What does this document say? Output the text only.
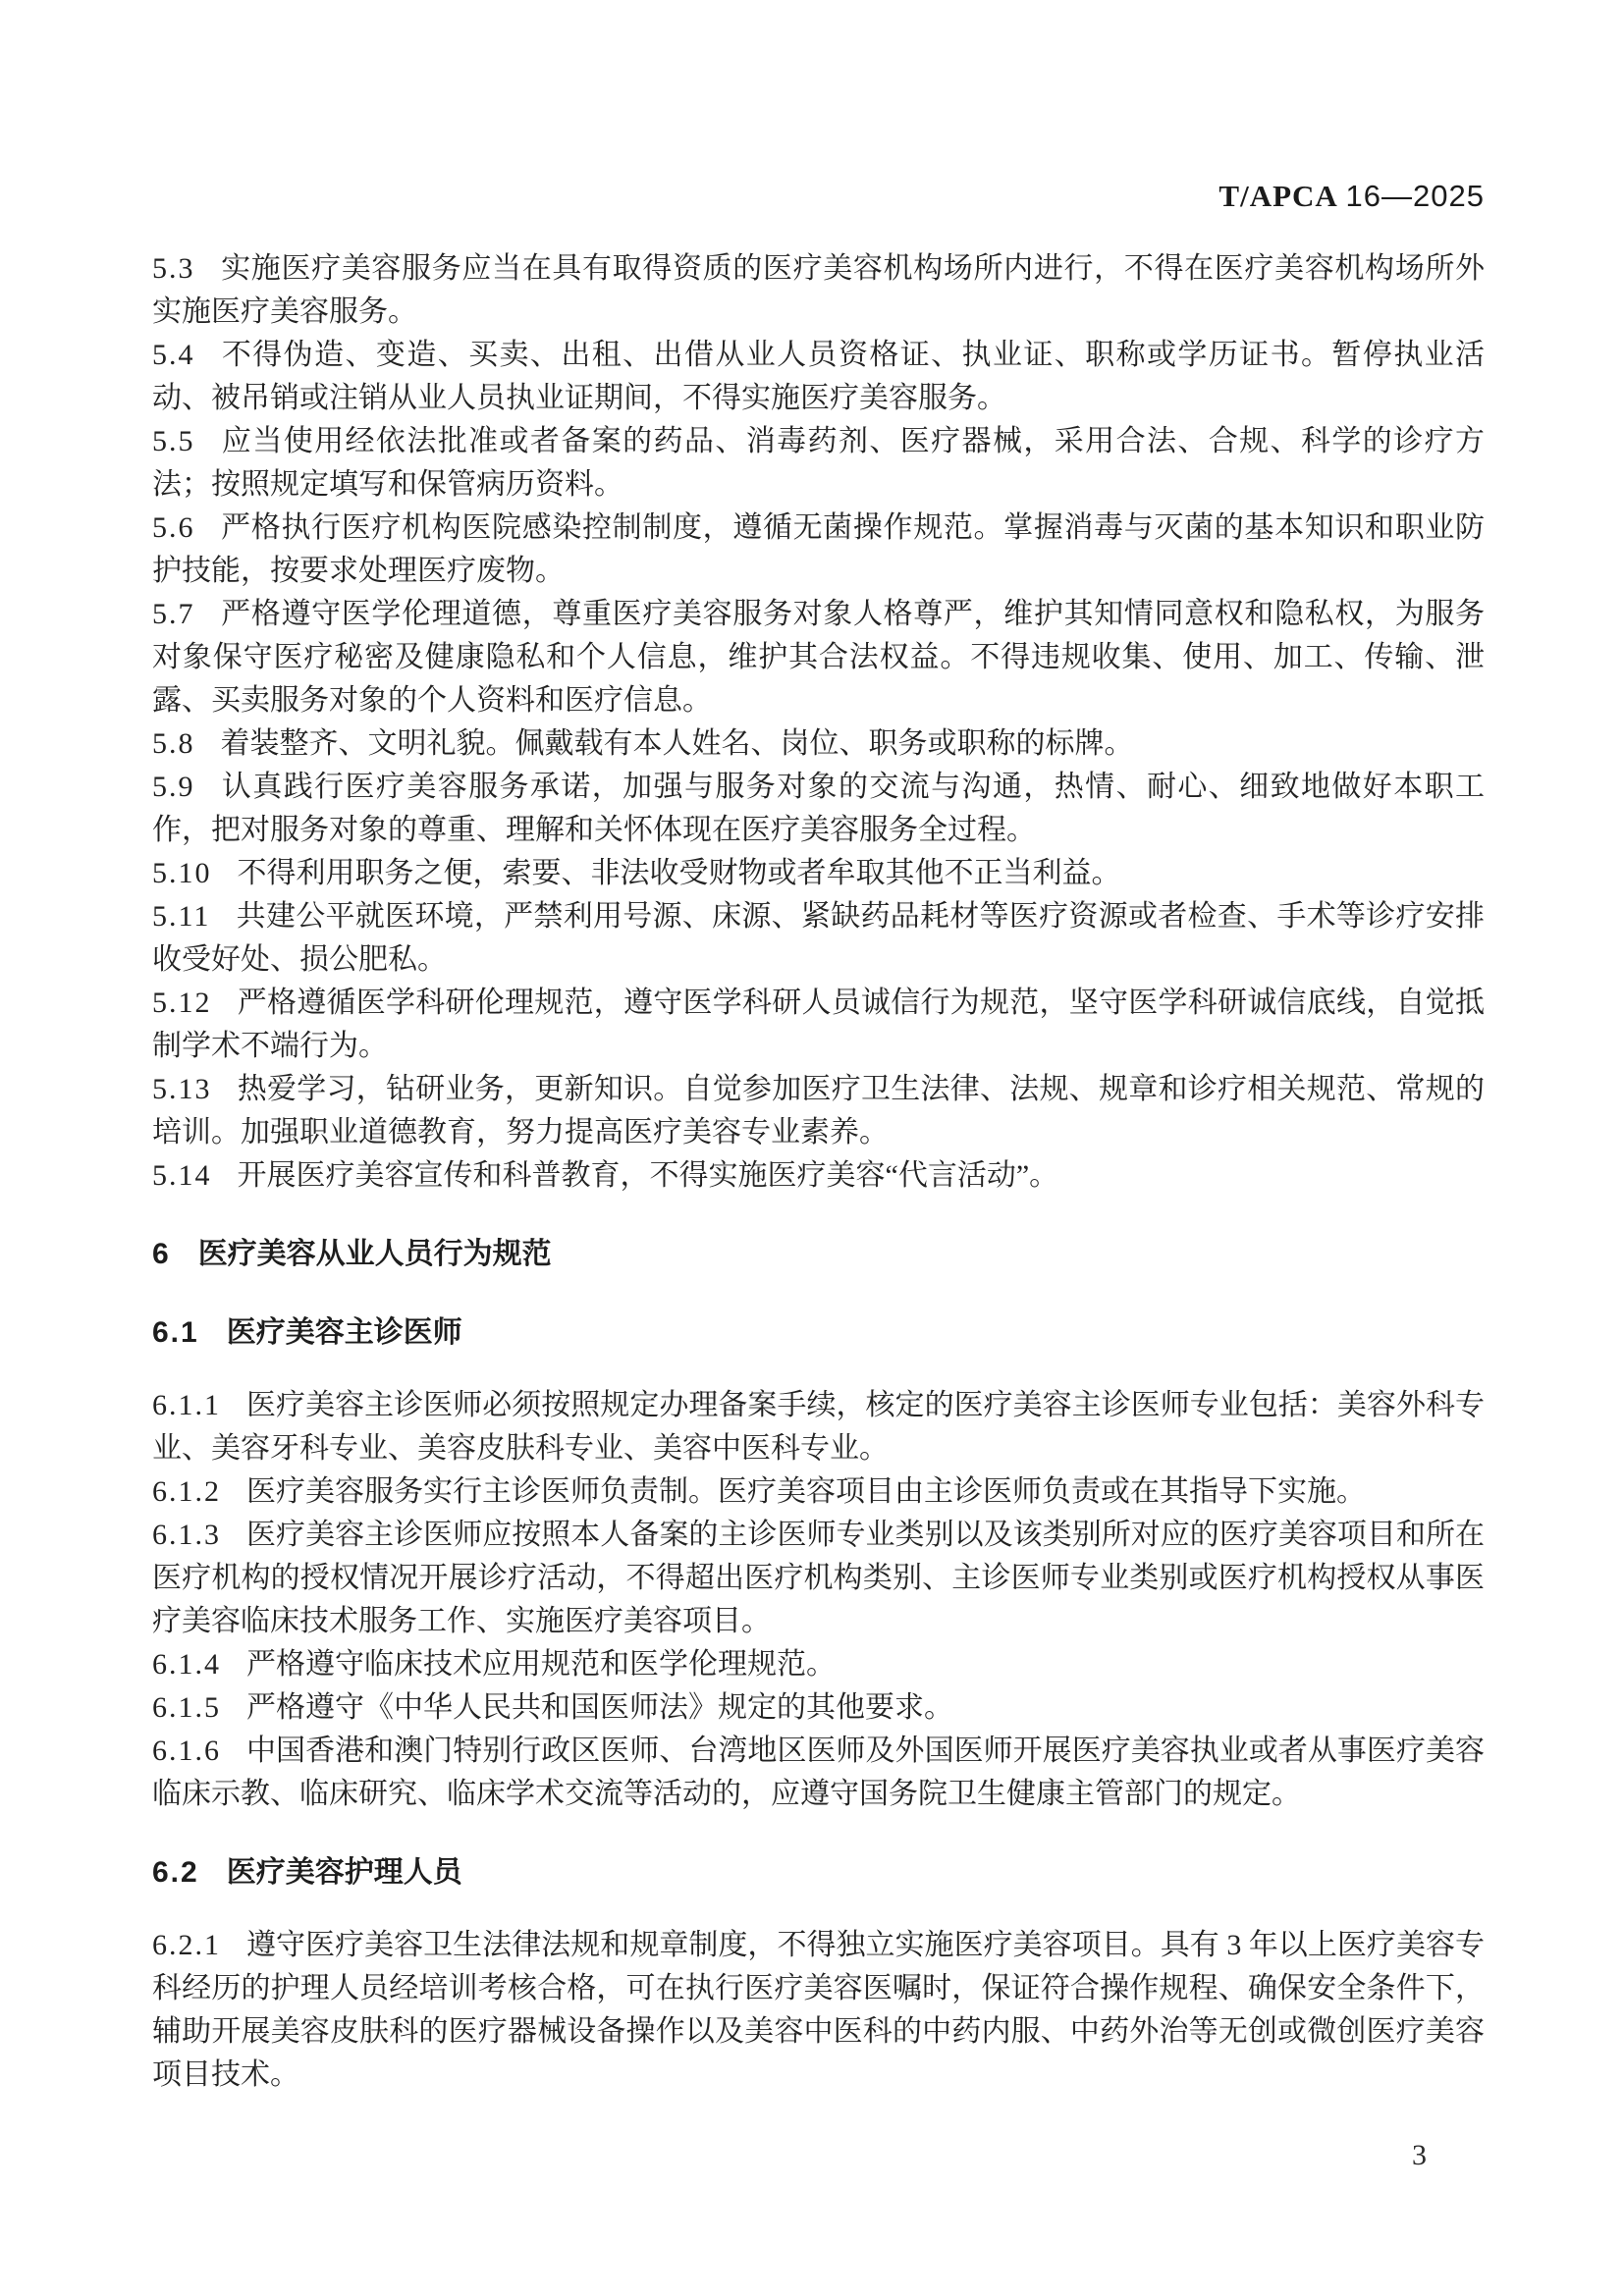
T/APCA 16—2025

5.3 实施医疗美容服务应当在具有取得资质的医疗美容机构场所内进行，不得在医疗美容机构场所外实施医疗美容服务。

5.4 不得伪造、变造、买卖、出租、出借从业人员资格证、执业证、职称或学历证书。暂停执业活动、被吊销或注销从业人员执业证期间，不得实施医疗美容服务。

5.5 应当使用经依法批准或者备案的药品、消毒药剂、医疗器械，采用合法、合规、科学的诊疗方法；按照规定填写和保管病历资料。

5.6 严格执行医疗机构医院感染控制制度，遵循无菌操作规范。掌握消毒与灭菌的基本知识和职业防护技能，按要求处理医疗废物。

5.7 严格遵守医学伦理道德，尊重医疗美容服务对象人格尊严，维护其知情同意权和隐私权，为服务对象保守医疗秘密及健康隐私和个人信息，维护其合法权益。不得违规收集、使用、加工、传输、泄露、买卖服务对象的个人资料和医疗信息。

5.8 着装整齐、文明礼貌。佩戴载有本人姓名、岗位、职务或职称的标牌。

5.9 认真践行医疗美容服务承诺，加强与服务对象的交流与沟通，热情、耐心、细致地做好本职工作，把对服务对象的尊重、理解和关怀体现在医疗美容服务全过程。

5.10 不得利用职务之便，索要、非法收受财物或者牟取其他不正当利益。

5.11 共建公平就医环境，严禁利用号源、床源、紧缺药品耗材等医疗资源或者检查、手术等诊疗安排收受好处、损公肥私。

5.12 严格遵循医学科研伦理规范，遵守医学科研人员诚信行为规范，坚守医学科研诚信底线，自觉抵制学术不端行为。

5.13 热爱学习，钻研业务，更新知识。自觉参加医疗卫生法律、法规、规章和诊疗相关规范、常规的培训。加强职业道德教育，努力提高医疗美容专业素养。

5.14 开展医疗美容宣传和科普教育，不得实施医疗美容“代言活动”。

6 医疗美容从业人员行为规范

6.1 医疗美容主诊医师

6.1.1 医疗美容主诊医师必须按照规定办理备案手续，核定的医疗美容主诊医师专业包括：美容外科专业、美容牙科专业、美容皮肤科专业、美容中医科专业。

6.1.2 医疗美容服务实行主诊医师负责制。医疗美容项目由主诊医师负责或在其指导下实施。

6.1.3 医疗美容主诊医师应按照本人备案的主诊医师专业类别以及该类别所对应的医疗美容项目和所在医疗机构的授权情况开展诊疗活动，不得超出医疗机构类别、主诊医师专业类别或医疗机构授权从事医疗美容临床技术服务工作、实施医疗美容项目。

6.1.4 严格遵守临床技术应用规范和医学伦理规范。

6.1.5 严格遵守《中华人民共和国医师法》规定的其他要求。

6.1.6 中国香港和澳门特别行政区医师、台湾地区医师及外国医师开展医疗美容执业或者从事医疗美容临床示教、临床研究、临床学术交流等活动的，应遵守国务院卫生健康主管部门的规定。

6.2 医疗美容护理人员

6.2.1 遵守医疗美容卫生法律法规和规章制度，不得独立实施医疗美容项目。具有 3 年以上医疗美容专科经历的护理人员经培训考核合格，可在执行医疗美容医嘱时，保证符合操作规程、确保安全条件下，辅助开展美容皮肤科的医疗器械设备操作以及美容中医科的中药内服、中药外治等无创或微创医疗美容项目技术。

3
